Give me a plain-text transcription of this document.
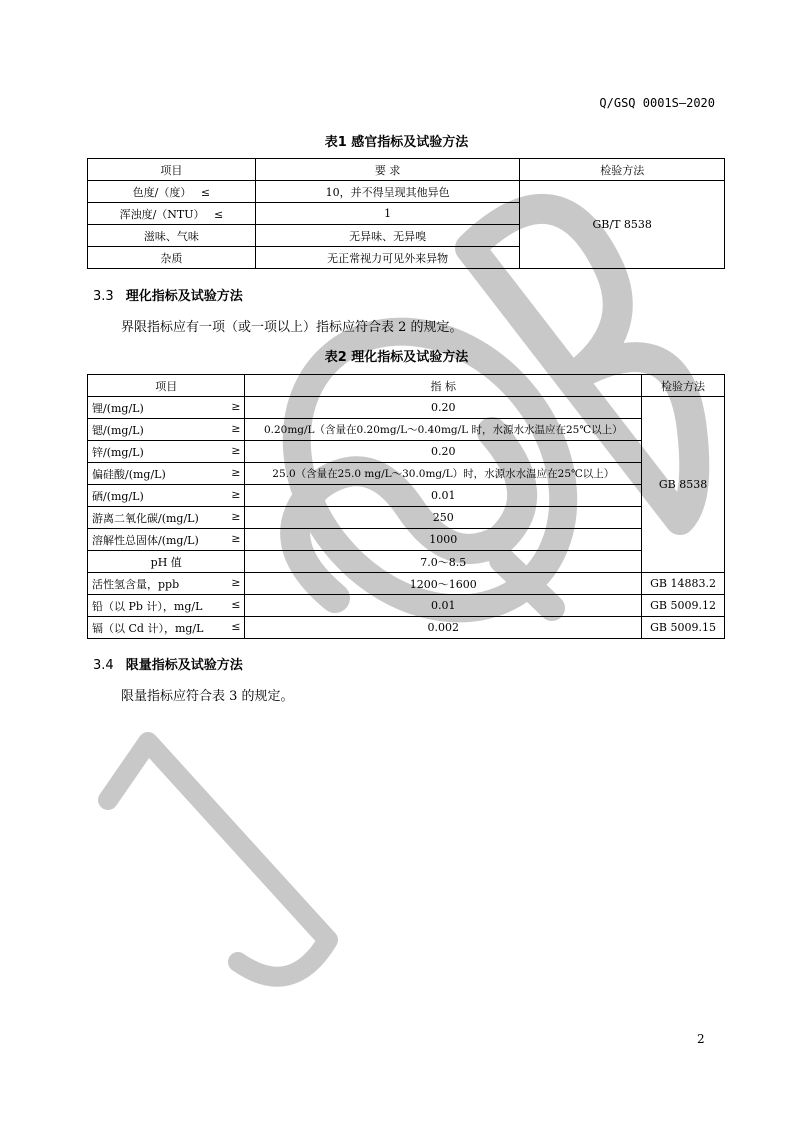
Q/GSQ 0001S—2020
表1 感官指标及试验方法
项目	要 求	检验方法
色度/（度） ≤	10，并不得呈现其他异色	GB/T 8538
浑浊度/（NTU） ≤	1	
滋味、气味	无异味、无异嗅	
杂质	无正常视力可见外来异物	
3.3 理化指标及试验方法
界限指标应有一项（或一项以上）指标应符合表 2 的规定。
表2 理化指标及试验方法
项目	指 标	检验方法
锂/(mg/L) ≥	0.20	GB 8538
锶/(mg/L) ≥	0.20mg/L（含量在0.20mg/L～0.40mg/L 时，水源水水温应在25℃以上）	
锌/(mg/L) ≥	0.20	
偏硅酸/(mg/L) ≥	25.0（含量在25.0 mg/L～30.0mg/L）时，水源水水温应在25℃以上）	
硒/(mg/L) ≥	0.01	
游离二氧化碳/(mg/L) ≥	250	
溶解性总固体/(mg/L) ≥	1000	
pH 值	7.0～8.5	
活性氢含量，ppb ≥	1200～1600	GB 14883.2
铅（以 Pb 计），mg/L ≤	0.01	GB 5009.12
镉（以 Cd 计），mg/L ≤	0.002	GB 5009.15
3.4 限量指标及试验方法
限量指标应符合表 3 的规定。
2
